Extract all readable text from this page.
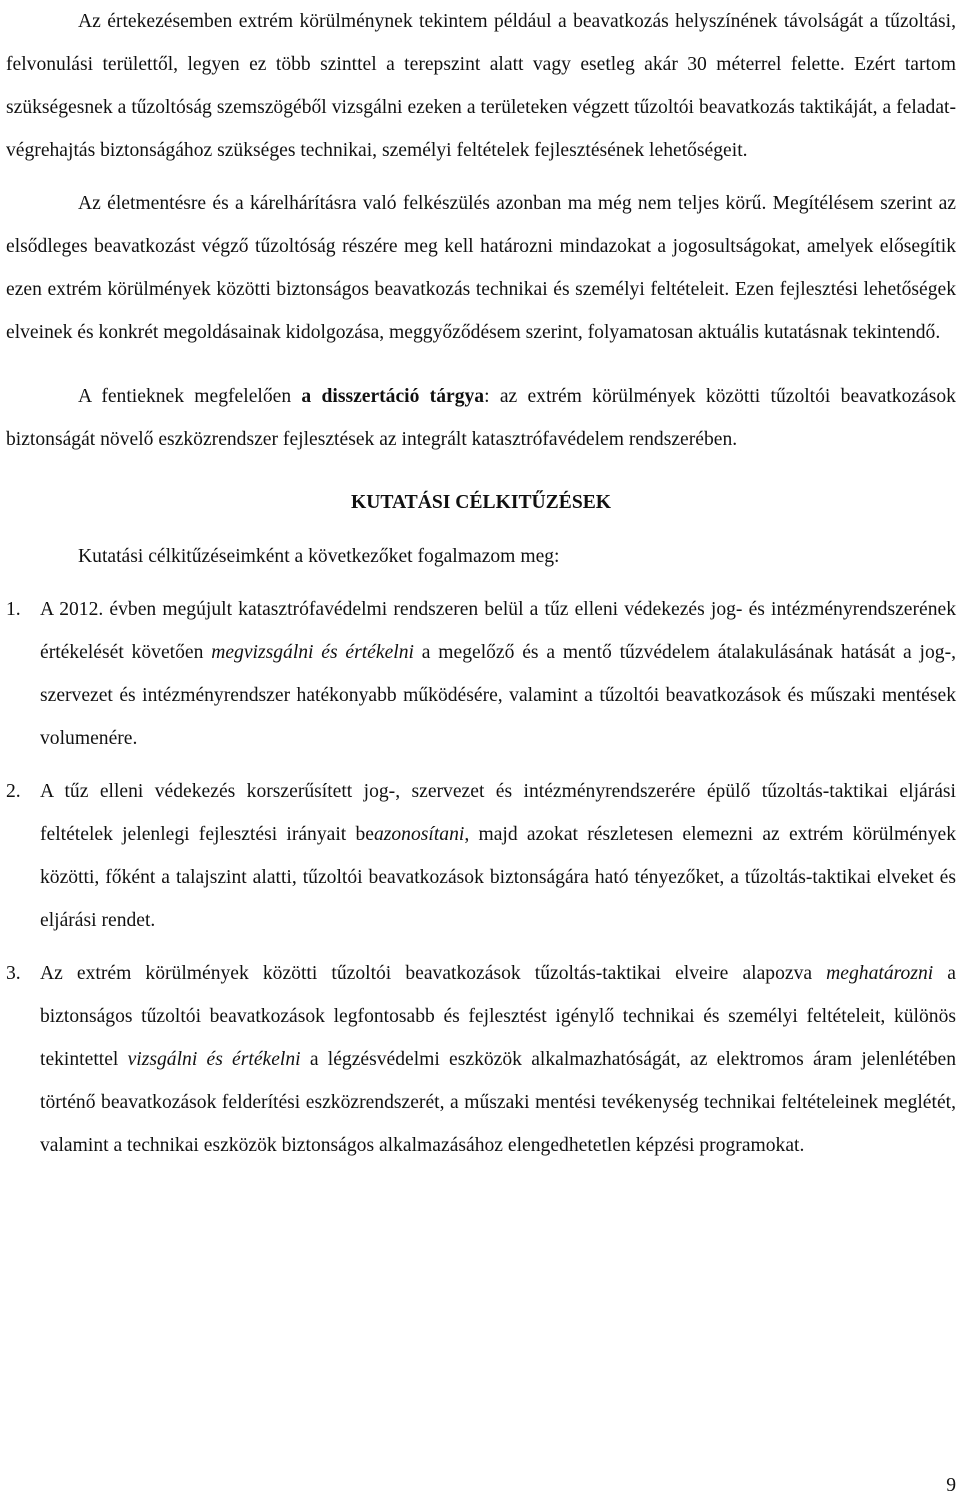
Az értekezésemben extrém körülménynek tekintem például a beavatkozás helyszínének távolságát a tűzoltási, felvonulási területtől, legyen ez több szinttel a terepszint alatt vagy esetleg akár 30 méterrel felette. Ezért tartom szükségesnek a tűzoltóság szemszögéből vizsgálni ezeken a területeken végzett tűzoltói beavatkozás taktikáját, a feladat-végrehajtás biztonságához szükséges technikai, személyi feltételek fejlesztésének lehetőségeit.

Az életmentésre és a kárelhárításra való felkészülés azonban ma még nem teljes körű. Megítélésem szerint az elsődleges beavatkozást végző tűzoltóság részére meg kell határozni mindazokat a jogosultságokat, amelyek elősegítik ezen extrém körülmények közötti biztonságos beavatkozás technikai és személyi feltételeit. Ezen fejlesztési lehetőségek elveinek és konkrét megoldásainak kidolgozása, meggyőződésem szerint, folyamatosan aktuális kutatásnak tekintendő.

A fentieknek megfelelően a disszertáció tárgya: az extrém körülmények közötti tűzoltói beavatkozások biztonságát növelő eszközrendszer fejlesztések az integrált katasztrófavédelem rendszerében.

KUTATÁSI CÉLKITŰZÉSEK

Kutatási célkitűzéseimként a következőket fogalmazom meg:

1. A 2012. évben megújult katasztrófavédelmi rendszeren belül a tűz elleni védekezés jog- és intézményrendszerének értékelését követően megvizsgálni és értékelni a megelőző és a mentő tűzvédelem átalakulásának hatását a jog-, szervezet és intézményrendszer hatékonyabb működésére, valamint a tűzoltói beavatkozások és műszaki mentések volumenére.
2. A tűz elleni védekezés korszerűsített jog-, szervezet és intézményrendszerére épülő tűzoltás-taktikai eljárási feltételek jelenlegi fejlesztési irányait beazonosítani, majd azokat részletesen elemezni az extrém körülmények közötti, főként a talajszint alatti, tűzoltói beavatkozások biztonságára ható tényezőket, a tűzoltás-taktikai elveket és eljárási rendet.
3. Az extrém körülmények közötti tűzoltói beavatkozások tűzoltás-taktikai elveire alapozva meghatározni a biztonságos tűzoltói beavatkozások legfontosabb és fejlesztést igénylő technikai és személyi feltételeit, különös tekintettel vizsgálni és értékelni a légzésvédelmi eszközök alkalmazhatóságát, az elektromos áram jelenlétében történő beavatkozások felderítési eszközrendszerét, a műszaki mentési tevékenység technikai feltételeinek meglétét, valamint a technikai eszközök biztonságos alkalmazásához elengedhetetlen képzési programokat.
9
